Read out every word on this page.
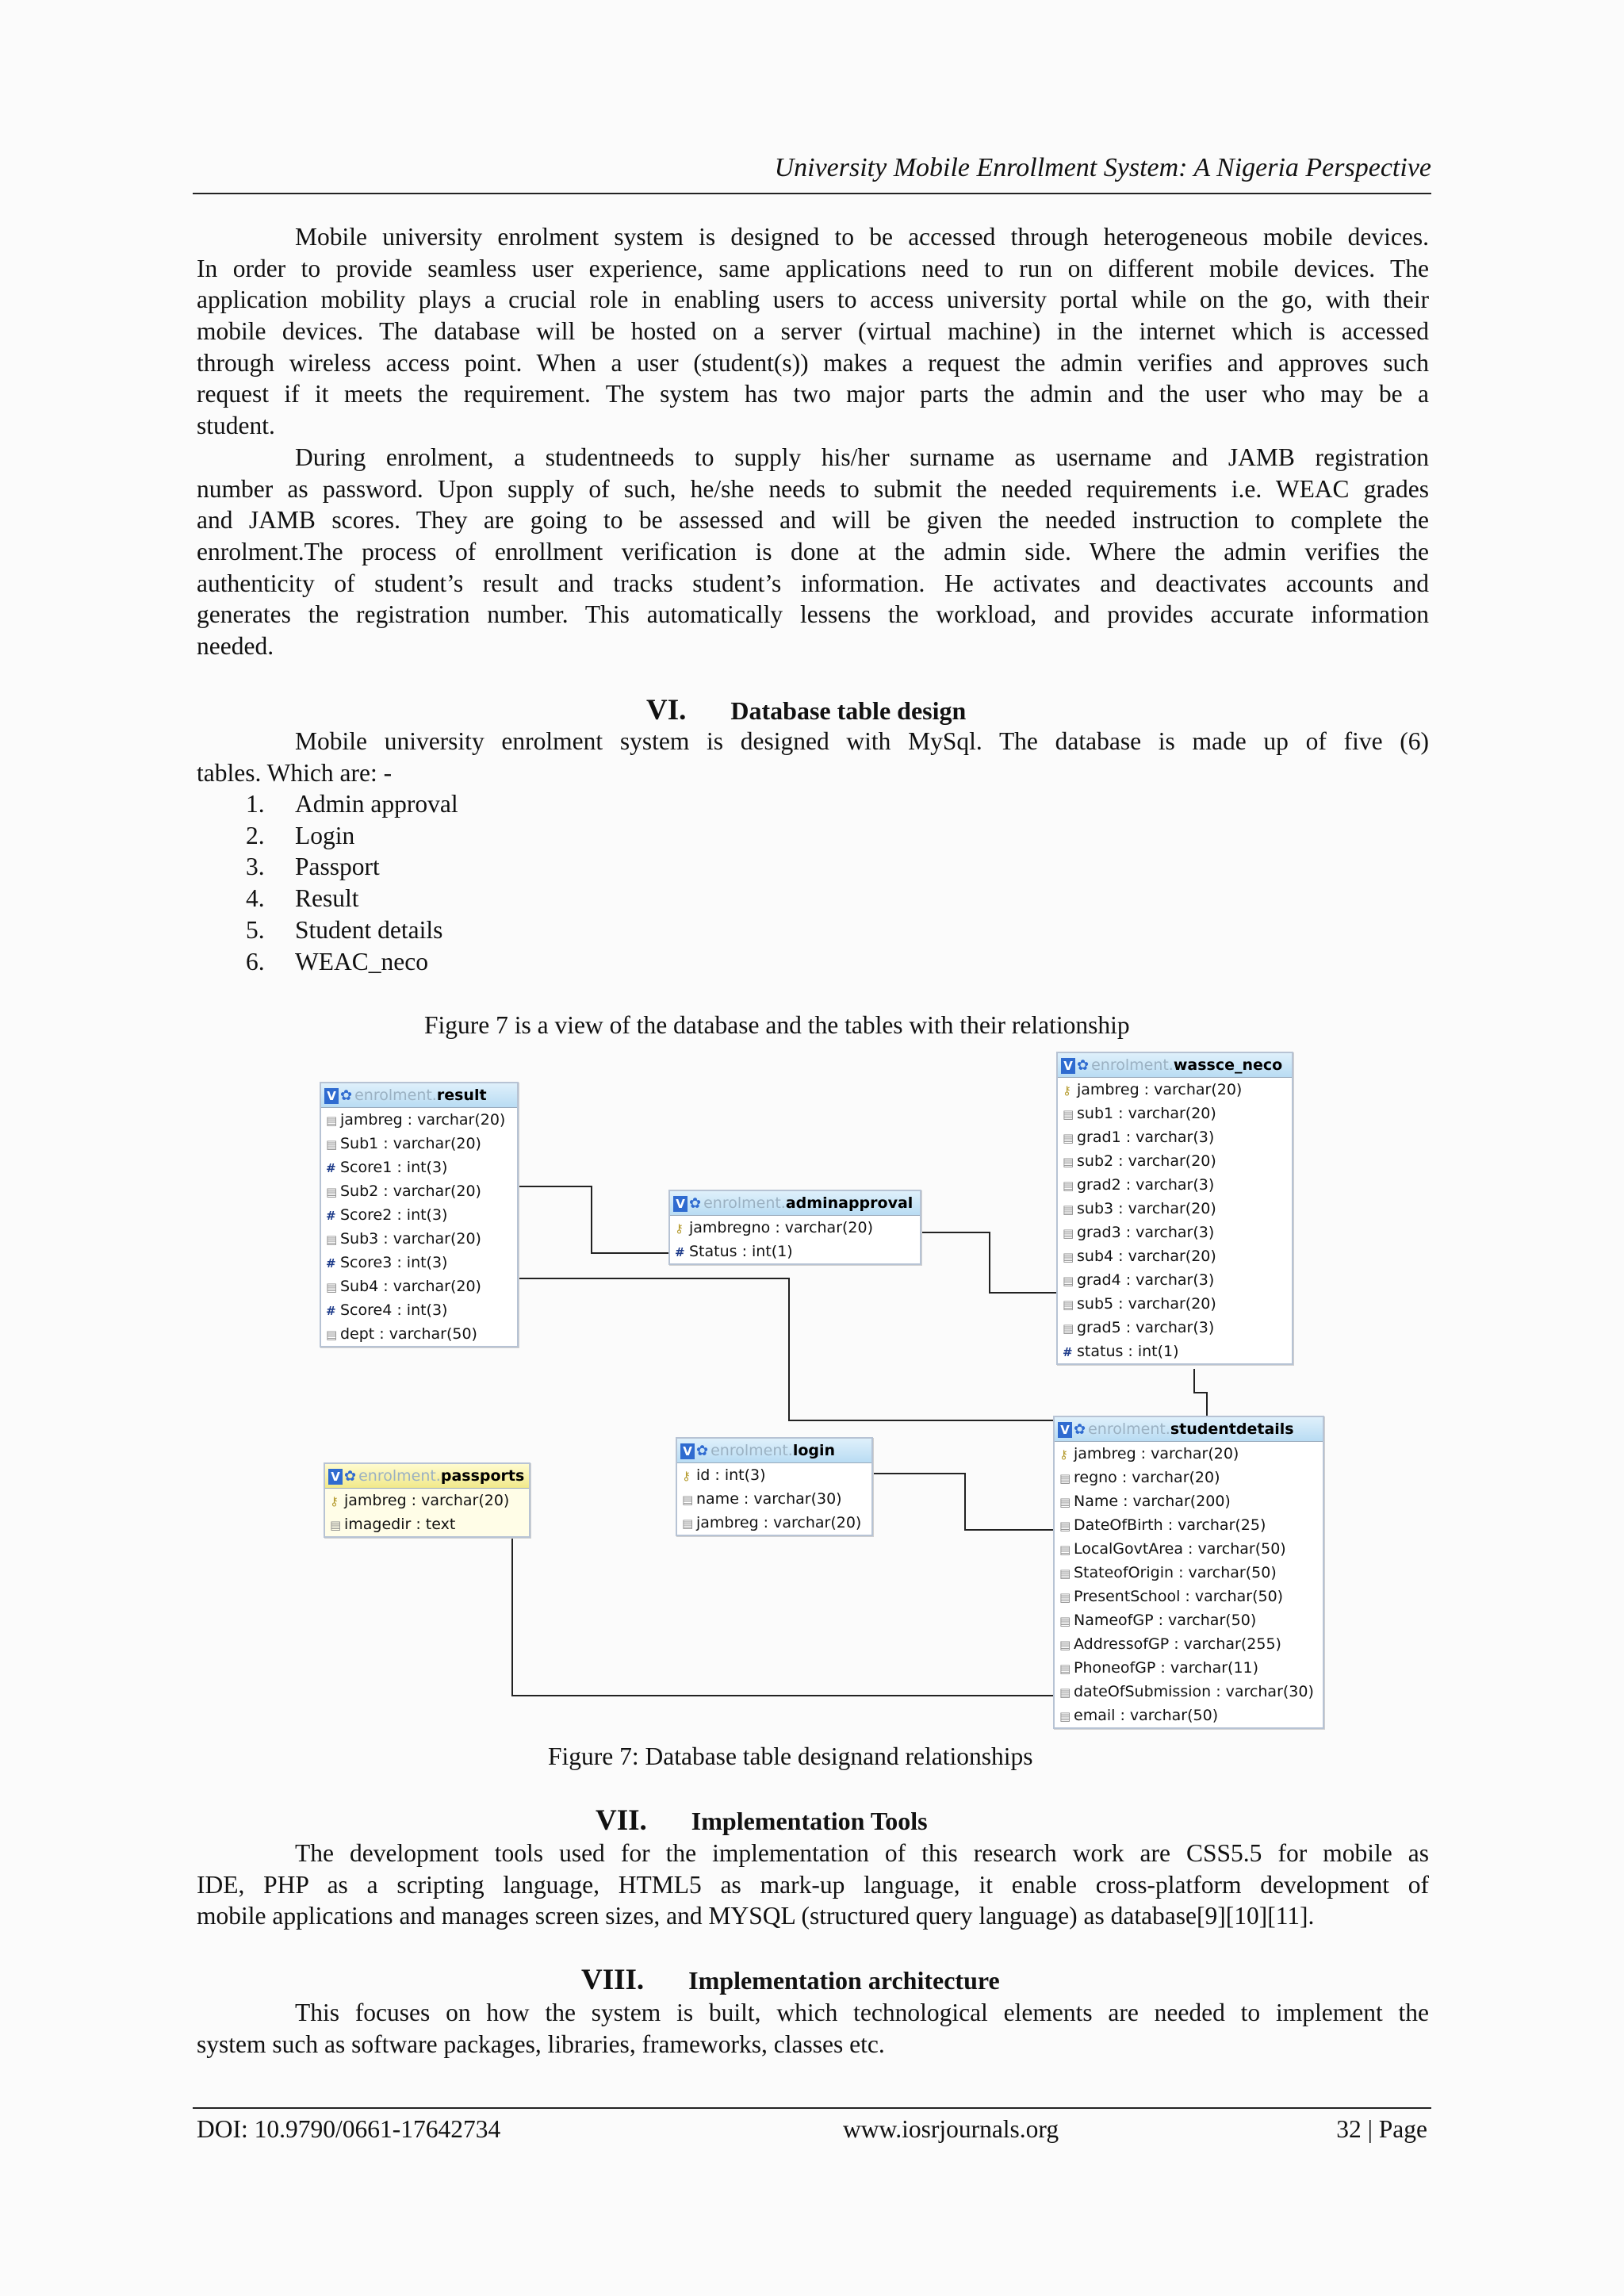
University Mobile Enrollment System: A Nigeria Perspective
Mobile university enrolment system is designed to be accessed through heterogeneous mobile devices.
In order to provide seamless user experience, same applications need to run on different mobile devices. The
application mobility plays a crucial role in enabling users to access university portal while on the go, with their
mobile devices. The database will be hosted on a server (virtual machine) in the internet which is accessed
through wireless access point. When a user (student(s)) makes a request the admin verifies and approves such
request if it meets the requirement. The system has two major parts the admin and the user who may be a
student.
During enrolment, a studentneeds to supply his/her surname as username and JAMB registration
number as password. Upon supply of such, he/she needs to submit the needed requirements i.e. WEAC grades
and JAMB scores. They are going to be assessed and will be given the needed instruction to complete the
enrolment.The process of enrollment verification is done at the admin side. Where the admin verifies the
authenticity of student’s result and tracks student’s information. He activates and deactivates accounts and
generates the registration number. This automatically lessens the workload, and provides accurate information
needed.
VI. Database table design
Mobile university enrolment system is designed with MySql. The database is made up of five (6)
tables. Which are: -
1. Admin approval
2. Login
3. Passport
4. Result
5. Student details
6. WEAC_neco
Figure 7 is a view of the database and the tables with their relationship
V ✿ enrolment.result
▤ jambreg : varchar(20)
▤ Sub1 : varchar(20)
# Score1 : int(3)
▤ Sub2 : varchar(20)
# Score2 : int(3)
▤ Sub3 : varchar(20)
# Score3 : int(3)
▤ Sub4 : varchar(20)
# Score4 : int(3)
▤ dept : varchar(50)
V ✿ enrolment.adminapproval
⚷ jambregno : varchar(20)
# Status : int(1)
V ✿ enrolment.wassce_neco
⚷ jambreg : varchar(20)
▤ sub1 : varchar(20)
▤ grad1 : varchar(3)
▤ sub2 : varchar(20)
▤ grad2 : varchar(3)
▤ sub3 : varchar(20)
▤ grad3 : varchar(3)
▤ sub4 : varchar(20)
▤ grad4 : varchar(3)
▤ sub5 : varchar(20)
▤ grad5 : varchar(3)
# status : int(1)
V ✿ enrolment.passports
⚷ jambreg : varchar(20)
▤ imagedir : text
V ✿ enrolment.login
⚷ id : int(3)
▤ name : varchar(30)
▤ jambreg : varchar(20)
V ✿ enrolment.studentdetails
⚷ jambreg : varchar(20)
▤ regno : varchar(20)
▤ Name : varchar(200)
▤ DateOfBirth : varchar(25)
▤ LocalGovtArea : varchar(50)
▤ StateofOrigin : varchar(50)
▤ PresentSchool : varchar(50)
▤ NameofGP : varchar(50)
▤ AddressofGP : varchar(255)
▤ PhoneofGP : varchar(11)
▤ dateOfSubmission : varchar(30)
▤ email : varchar(50)
Figure 7: Database table designand relationships
VII. Implementation Tools
The development tools used for the implementation of this research work are CSS5.5 for mobile as
IDE, PHP as a scripting language, HTML5 as mark-up language, it enable cross-platform development of
mobile applications and manages screen sizes, and MYSQL (structured query language) as database[9][10][11].
VIII. Implementation architecture
This focuses on how the system is built, which technological elements are needed to implement the
system such as software packages, libraries, frameworks, classes etc.
DOI: 10.9790/0661-17642734	www.iosrjournals.org	32 | Page
